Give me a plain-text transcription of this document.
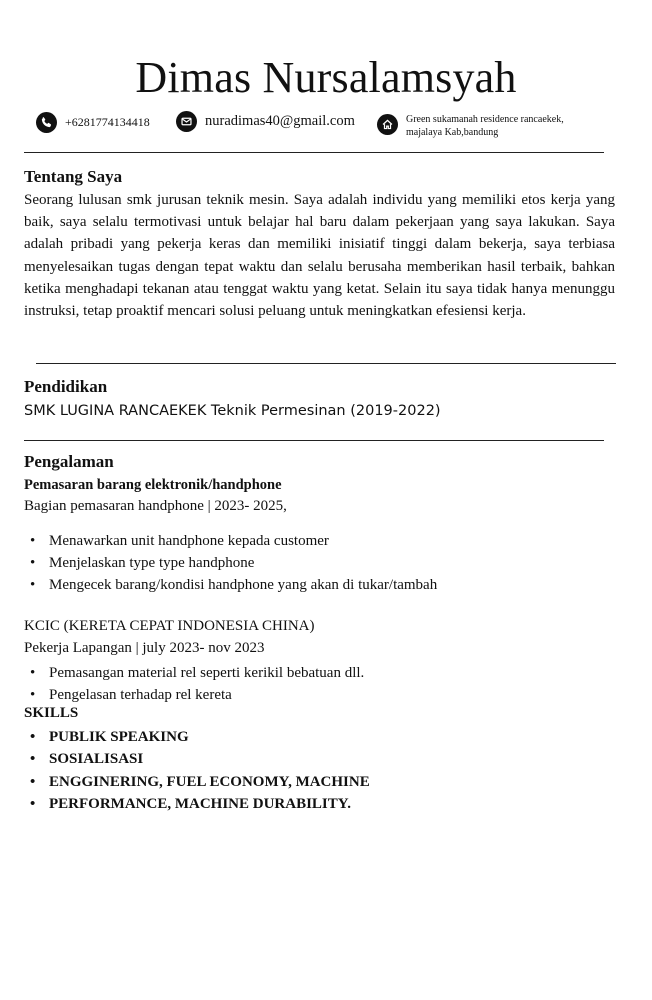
Dimas Nursalamsyah
+6281774134418	nuradimas40@gmail.com	Green sukamanah residence rancaekek,
majalaya Kab,bandung
Tentang Saya

Seorang lulusan smk jurusan teknik mesin. Saya adalah individu yang memiliki etos kerja yang baik, saya selalu termotivasi untuk belajar hal baru dalam pekerjaan yang saya lakukan. Saya adalah pribadi yang pekerja keras dan memiliki inisiatif tinggi dalam bekerja, saya terbiasa menyelesaikan tugas dengan tepat waktu dan selalu berusaha memberikan hasil terbaik, bahkan ketika menghadapi tekanan atau tenggat waktu yang ketat. Selain itu saya tidak hanya menunggu instruksi, tetap proaktif mencari solusi peluang untuk meningkatkan efesiensi kerja.

Pendidikan
SMK LUGINA RANCAEKEK Teknik Permesinan (2019-2022)
Pengalaman
Pemasaran barang elektronik/handphone
Bagian pemasaran handphone | 2023- 2025,
• Menawarkan unit handphone kepada customer
• Menjelaskan type type handphone
• Mengecek barang/kondisi handphone yang akan di tukar/tambah
KCIC (KERETA CEPAT INDONESIA CHINA)
Pekerja Lapangan | july 2023- nov 2023
• Pemasangan material rel seperti kerikil bebatuan dll.
• Pengelasan terhadap rel kereta
SKILLS
• PUBLIK SPEAKING
• SOSIALISASI
• ENGGINERING, FUEL ECONOMY, MACHINE
• PERFORMANCE, MACHINE DURABILITY.
